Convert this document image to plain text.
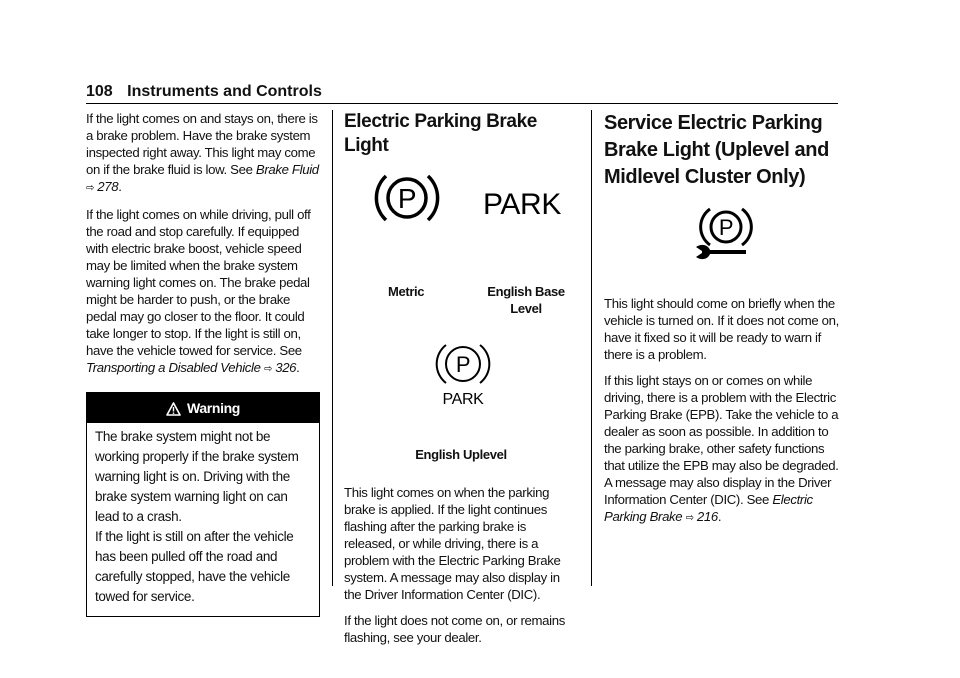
108 Instruments and Controls

If the light comes on and stays on, there is a brake problem. Have the brake system inspected right away. This light may come on if the brake fluid is low. See Brake Fluid
⇨ 278.

If the light comes on while driving, pull off the road and stop carefully. If equipped with electric brake boost, vehicle speed may be limited when the brake system warning light comes on. The brake pedal might be harder to push, or the brake pedal may go closer to the floor. It could take longer to stop. If the light is still on, have the vehicle towed for service. See Transporting a Disabled Vehicle ⇨ 326.

Warning
The brake system might not be working properly if the brake system warning light is on. Driving with the brake system warning light on can lead to a crash.
If the light is still on after the vehicle has been pulled off the road and carefully stopped, have the vehicle towed for service.
Electric Parking Brake Light
P PARK
Metric	English Base Level
P
PARK
English Uplevel

This light comes on when the parking brake is applied. If the light continues flashing after the parking brake is released, or while driving, there is a problem with the Electric Parking Brake system. A message may also display in the Driver Information Center (DIC).

If the light does not come on, or remains flashing, see your dealer.

Service Electric Parking Brake Light (Uplevel and Midlevel Cluster Only)
P

This light should come on briefly when the vehicle is turned on. If it does not come on, have it fixed so it will be ready to warn if there is a problem.

If this light stays on or comes on while driving, there is a problem with the Electric Parking Brake (EPB). Take the vehicle to a dealer as soon as possible. In addition to the parking brake, other safety functions that utilize the EPB may also be degraded.

A message may also display in the Driver Information Center (DIC). See Electric Parking Brake ⇨ 216.
